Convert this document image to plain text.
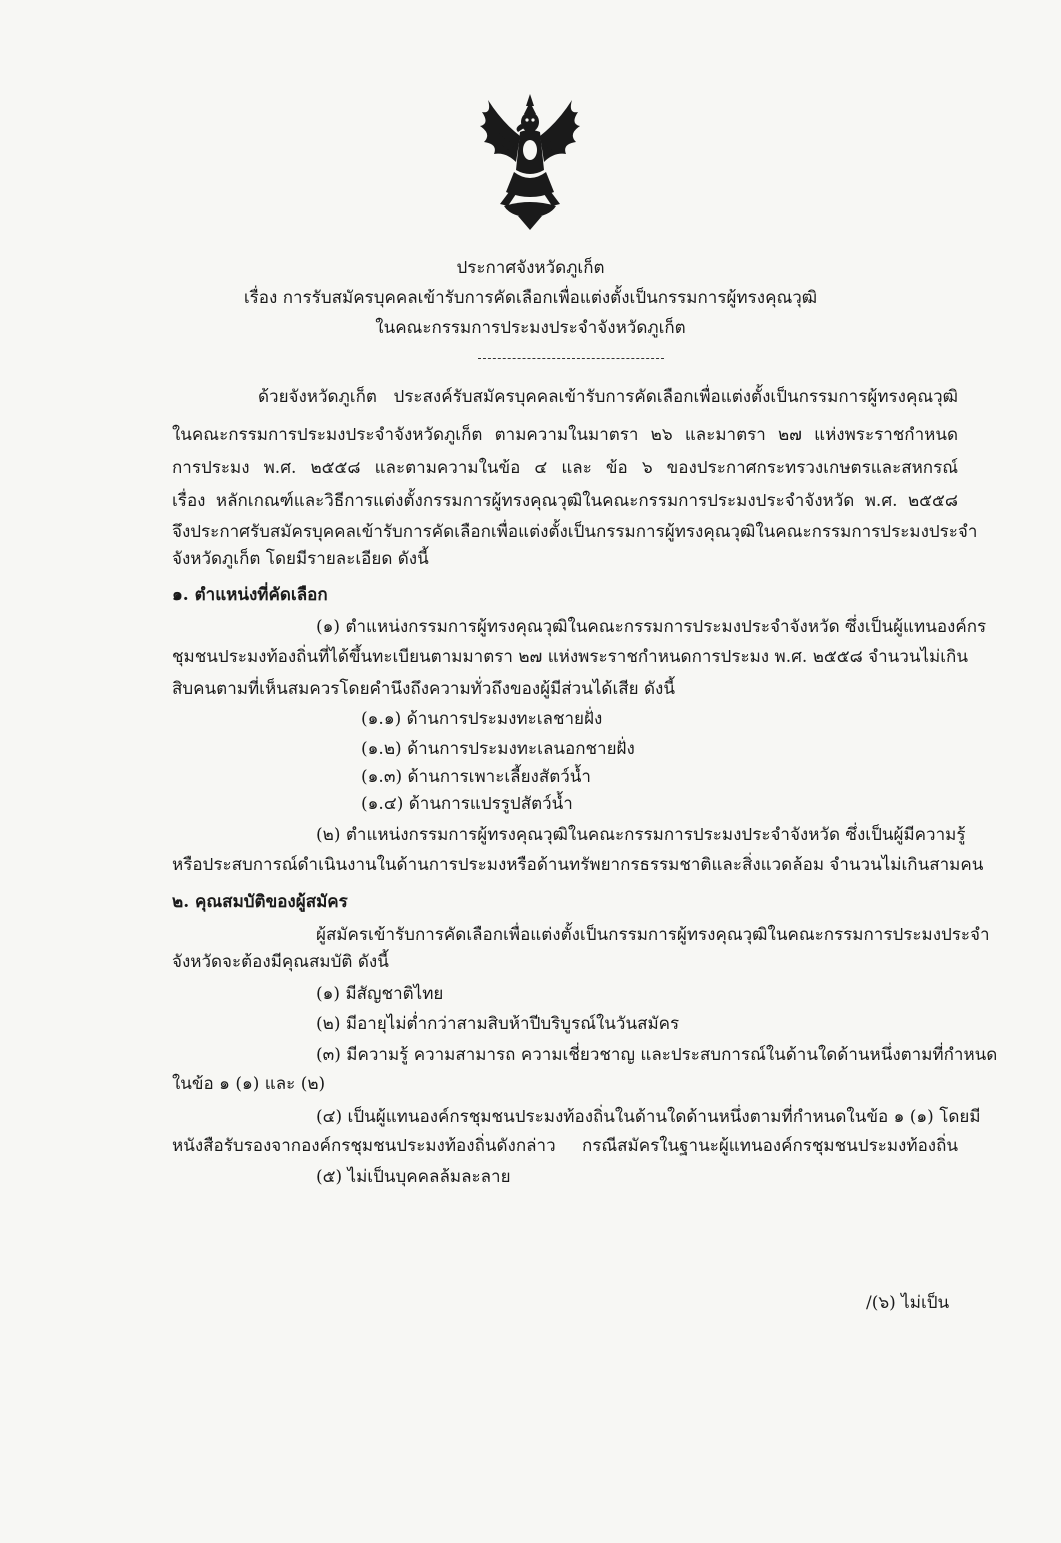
ประกาศจังหวัดภูเก็ต
เรื่อง การรับสมัครบุคคลเข้ารับการคัดเลือกเพื่อแต่งตั้งเป็นกรรมการผู้ทรงคุณวุฒิ
ในคณะกรรมการประมงประจำจังหวัดภูเก็ต
ด้วยจังหวัดภูเก็ต ประสงค์รับสมัครบุคคลเข้ารับการคัดเลือกเพื่อแต่งตั้งเป็นกรรมการผู้ทรงคุณวุฒิ
ในคณะกรรมการประมงประจำจังหวัดภูเก็ต ตามความในมาตรา ๒๖ และมาตรา ๒๗ แห่งพระราชกำหนด
การประมง พ.ศ. ๒๕๕๘ และตามความในข้อ ๔ และ ข้อ ๖ ของประกาศกระทรวงเกษตรและสหกรณ์
เรื่อง หลักเกณฑ์และวิธีการแต่งตั้งกรรมการผู้ทรงคุณวุฒิในคณะกรรมการประมงประจำจังหวัด พ.ศ. ๒๕๕๘
จึงประกาศรับสมัครบุคคลเข้ารับการคัดเลือกเพื่อแต่งตั้งเป็นกรรมการผู้ทรงคุณวุฒิในคณะกรรมการประมงประจำ
จังหวัดภูเก็ต โดยมีรายละเอียด ดังนี้
๑. ตำแหน่งที่คัดเลือก
(๑) ตำแหน่งกรรมการผู้ทรงคุณวุฒิในคณะกรรมการประมงประจำจังหวัด ซึ่งเป็นผู้แทนองค์กร
ชุมชนประมงท้องถิ่นที่ได้ขึ้นทะเบียนตามมาตรา ๒๗ แห่งพระราชกำหนดการประมง พ.ศ. ๒๕๕๘ จำนวนไม่เกิน
สิบคนตามที่เห็นสมควรโดยคำนึงถึงความทั่วถึงของผู้มีส่วนได้เสีย ดังนี้
(๑.๑) ด้านการประมงทะเลชายฝั่ง
(๑.๒) ด้านการประมงทะเลนอกชายฝั่ง
(๑.๓) ด้านการเพาะเลี้ยงสัตว์น้ำ
(๑.๔) ด้านการแปรรูปสัตว์น้ำ
(๒) ตำแหน่งกรรมการผู้ทรงคุณวุฒิในคณะกรรมการประมงประจำจังหวัด ซึ่งเป็นผู้มีความรู้
หรือประสบการณ์ดำเนินงานในด้านการประมงหรือด้านทรัพยากรธรรมชาติและสิ่งแวดล้อม จำนวนไม่เกินสามคน
๒. คุณสมบัติของผู้สมัคร
ผู้สมัครเข้ารับการคัดเลือกเพื่อแต่งตั้งเป็นกรรมการผู้ทรงคุณวุฒิในคณะกรรมการประมงประจำ
จังหวัดจะต้องมีคุณสมบัติ ดังนี้
(๑) มีสัญชาติไทย
(๒) มีอายุไม่ต่ำกว่าสามสิบห้าปีบริบูรณ์ในวันสมัคร
(๓) มีความรู้ ความสามารถ ความเชี่ยวชาญ และประสบการณ์ในด้านใดด้านหนึ่งตามที่กำหนด
ในข้อ ๑ (๑) และ (๒)
(๔) เป็นผู้แทนองค์กรชุมชนประมงท้องถิ่นในด้านใดด้านหนึ่งตามที่กำหนดในข้อ ๑ (๑) โดยมี
หนังสือรับรองจากองค์กรชุมชนประมงท้องถิ่นดังกล่าว กรณีสมัครในฐานะผู้แทนองค์กรชุมชนประมงท้องถิ่น
(๕) ไม่เป็นบุคคลล้มละลาย
/(๖) ไม่เป็น
